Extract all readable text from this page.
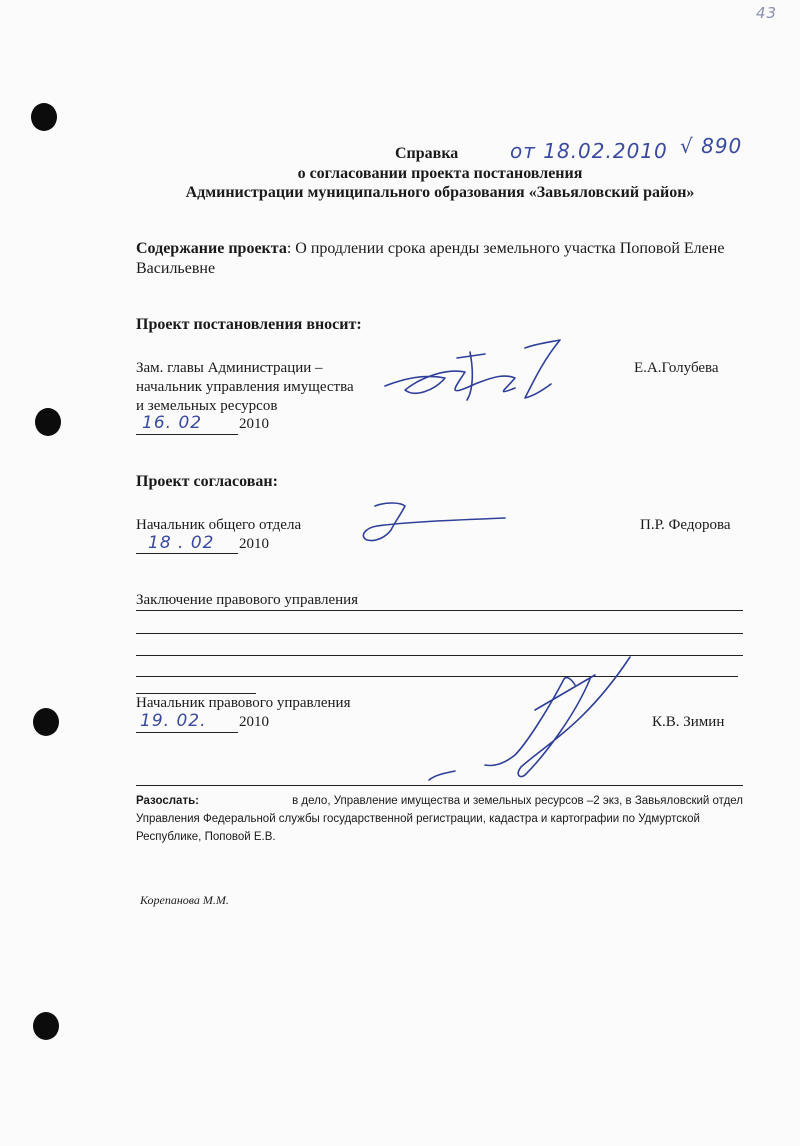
43
Справка	от 18.02.2010 √ 890
о согласовании проекта постановления
Администрации муниципального образования «Завьяловский район»
Содержание проекта: О продлении срока аренды земельного участка Поповой Елене
Васильевне
Проект постановления вносит:
Зам. главы Администрации –
начальник управления имущества
и земельных ресурсов
16. 02 2010
Е.А.Голубева
Проект согласован:
Начальник общего отдела
18 . 02 2010
П.Р. Федорова
Заключение правового управления
Начальник правового управления
19. 02. 2010	К.В. Зимин
Разослать:	в дело, Управление имущества и земельных ресурсов –2 экз, в Завьяловский отдел
Управления Федеральной службы государственной регистрации, кадастра и картографии по Удмуртской
Республике, Поповой Е.В.
Корепанова М.М.
